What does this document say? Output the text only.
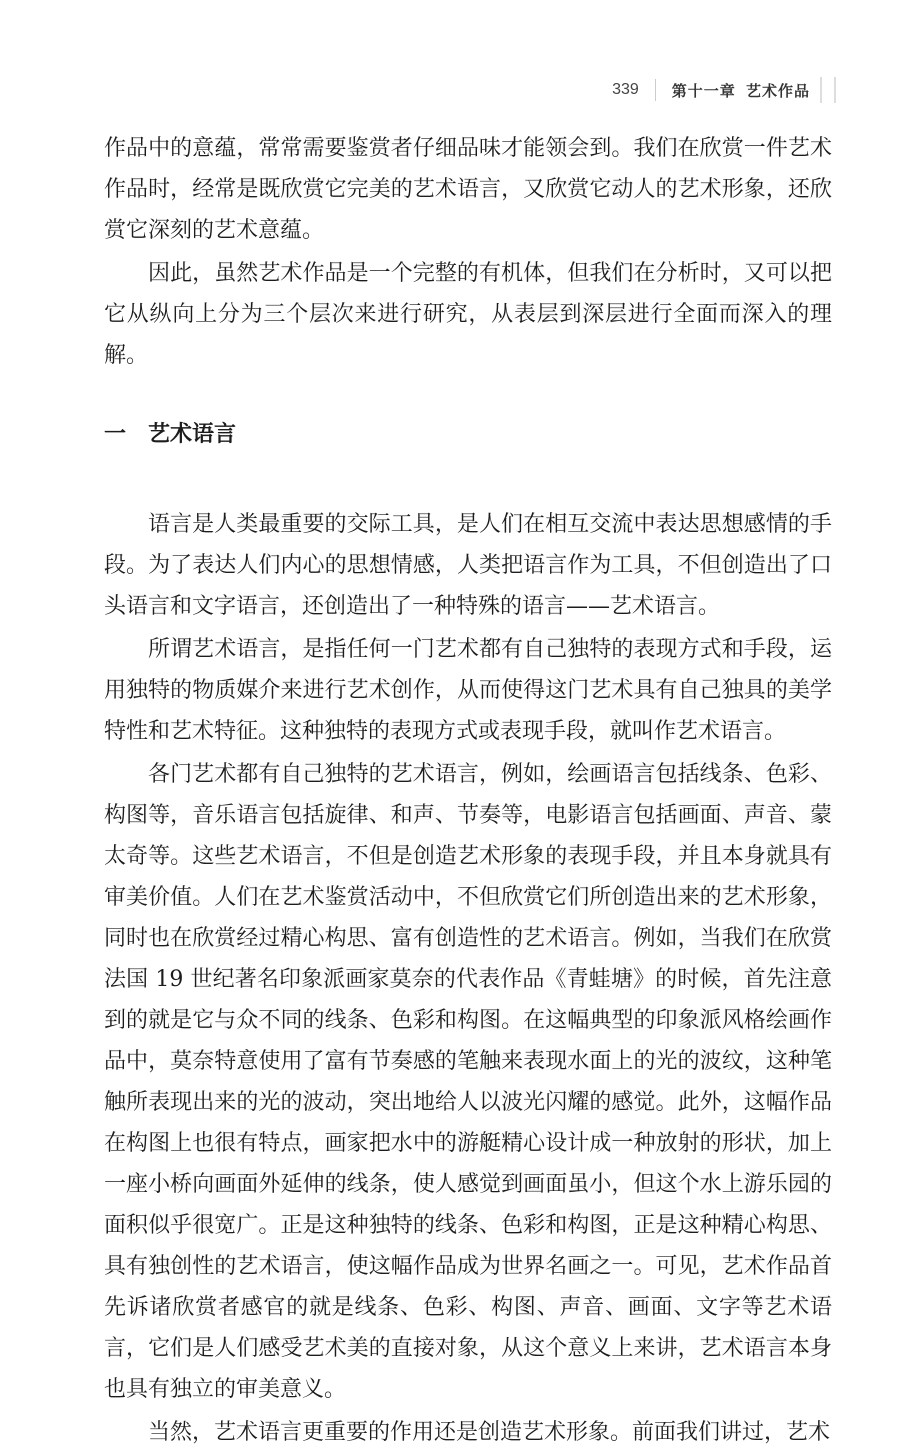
339 第十一章 艺术作品

作品中的意蕴，常常需要鉴赏者仔细品味才能领会到。我们在欣赏一件艺术作品时，经常是既欣赏它完美的艺术语言，又欣赏它动人的艺术形象，还欣赏它深刻的艺术意蕴。

因此，虽然艺术作品是一个完整的有机体，但我们在分析时，又可以把它从纵向上分为三个层次来进行研究，从表层到深层进行全面而深入的理解。

一 艺术语言

语言是人类最重要的交际工具，是人们在相互交流中表达思想感情的手段。为了表达人们内心的思想情感，人类把语言作为工具，不但创造出了口头语言和文字语言，还创造出了一种特殊的语言——艺术语言。

所谓艺术语言，是指任何一门艺术都有自己独特的表现方式和手段，运用独特的物质媒介来进行艺术创作，从而使得这门艺术具有自己独具的美学特性和艺术特征。这种独特的表现方式或表现手段，就叫作艺术语言。

各门艺术都有自己独特的艺术语言，例如，绘画语言包括线条、色彩、构图等，音乐语言包括旋律、和声、节奏等，电影语言包括画面、声音、蒙太奇等。这些艺术语言，不但是创造艺术形象的表现手段，并且本身就具有审美价值。人们在艺术鉴赏活动中，不但欣赏它们所创造出来的艺术形象，同时也在欣赏经过精心构思、富有创造性的艺术语言。例如，当我们在欣赏法国 19 世纪著名印象派画家莫奈的代表作品《青蛙塘》的时候，首先注意到的就是它与众不同的线条、色彩和构图。在这幅典型的印象派风格绘画作品中，莫奈特意使用了富有节奏感的笔触来表现水面上的光的波纹，这种笔触所表现出来的光的波动，突出地给人以波光闪耀的感觉。此外，这幅作品在构图上也很有特点，画家把水中的游艇精心设计成一种放射的形状，加上一座小桥向画面外延伸的线条，使人感觉到画面虽小，但这个水上游乐园的面积似乎很宽广。正是这种独特的线条、色彩和构图，正是这种精心构思、具有独创性的艺术语言，使这幅作品成为世界名画之一。可见，艺术作品首先诉诸欣赏者感官的就是线条、色彩、构图、声音、画面、文字等艺术语言，它们是人们感受艺术美的直接对象，从这个意义上来讲，艺术语言本身也具有独立的审美意义。

当然，艺术语言更重要的作用还是创造艺术形象。前面我们讲过，艺术
